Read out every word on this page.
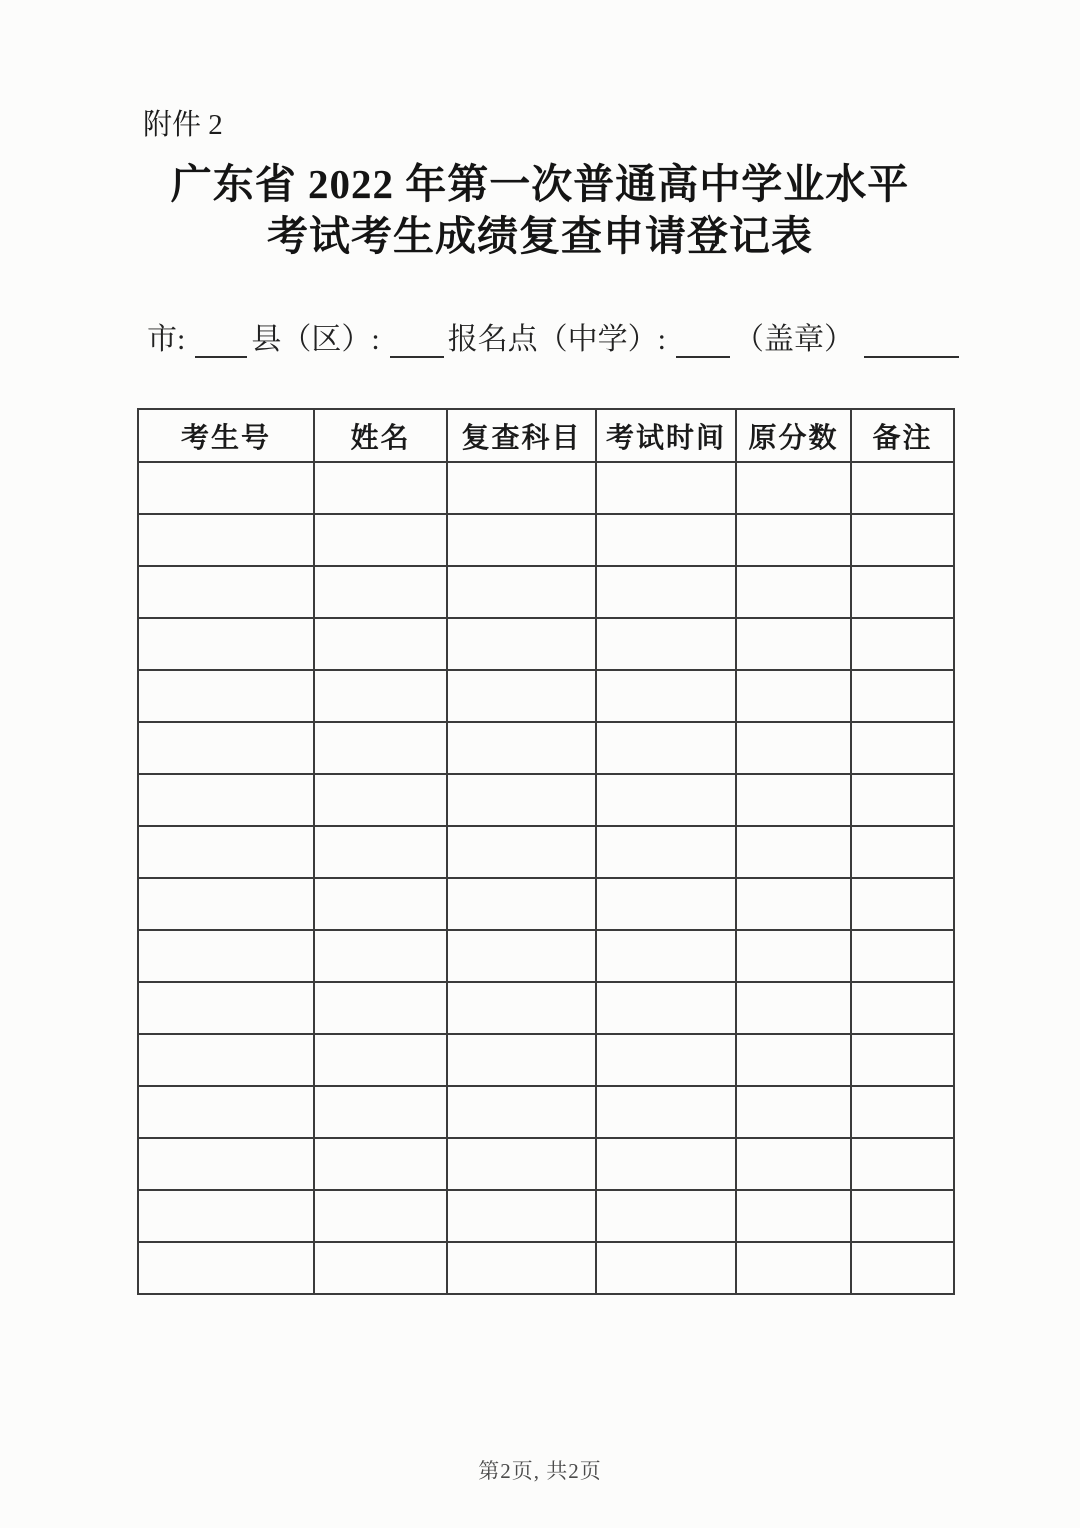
附件 2
广东省 2022 年第一次普通高中学业水平
考试考生成绩复查申请登记表
市: 县（区）: 报名点（中学）: （盖章）
考生号	姓名	复查科目	考试时间	原分数	备注

第2页, 共2页
